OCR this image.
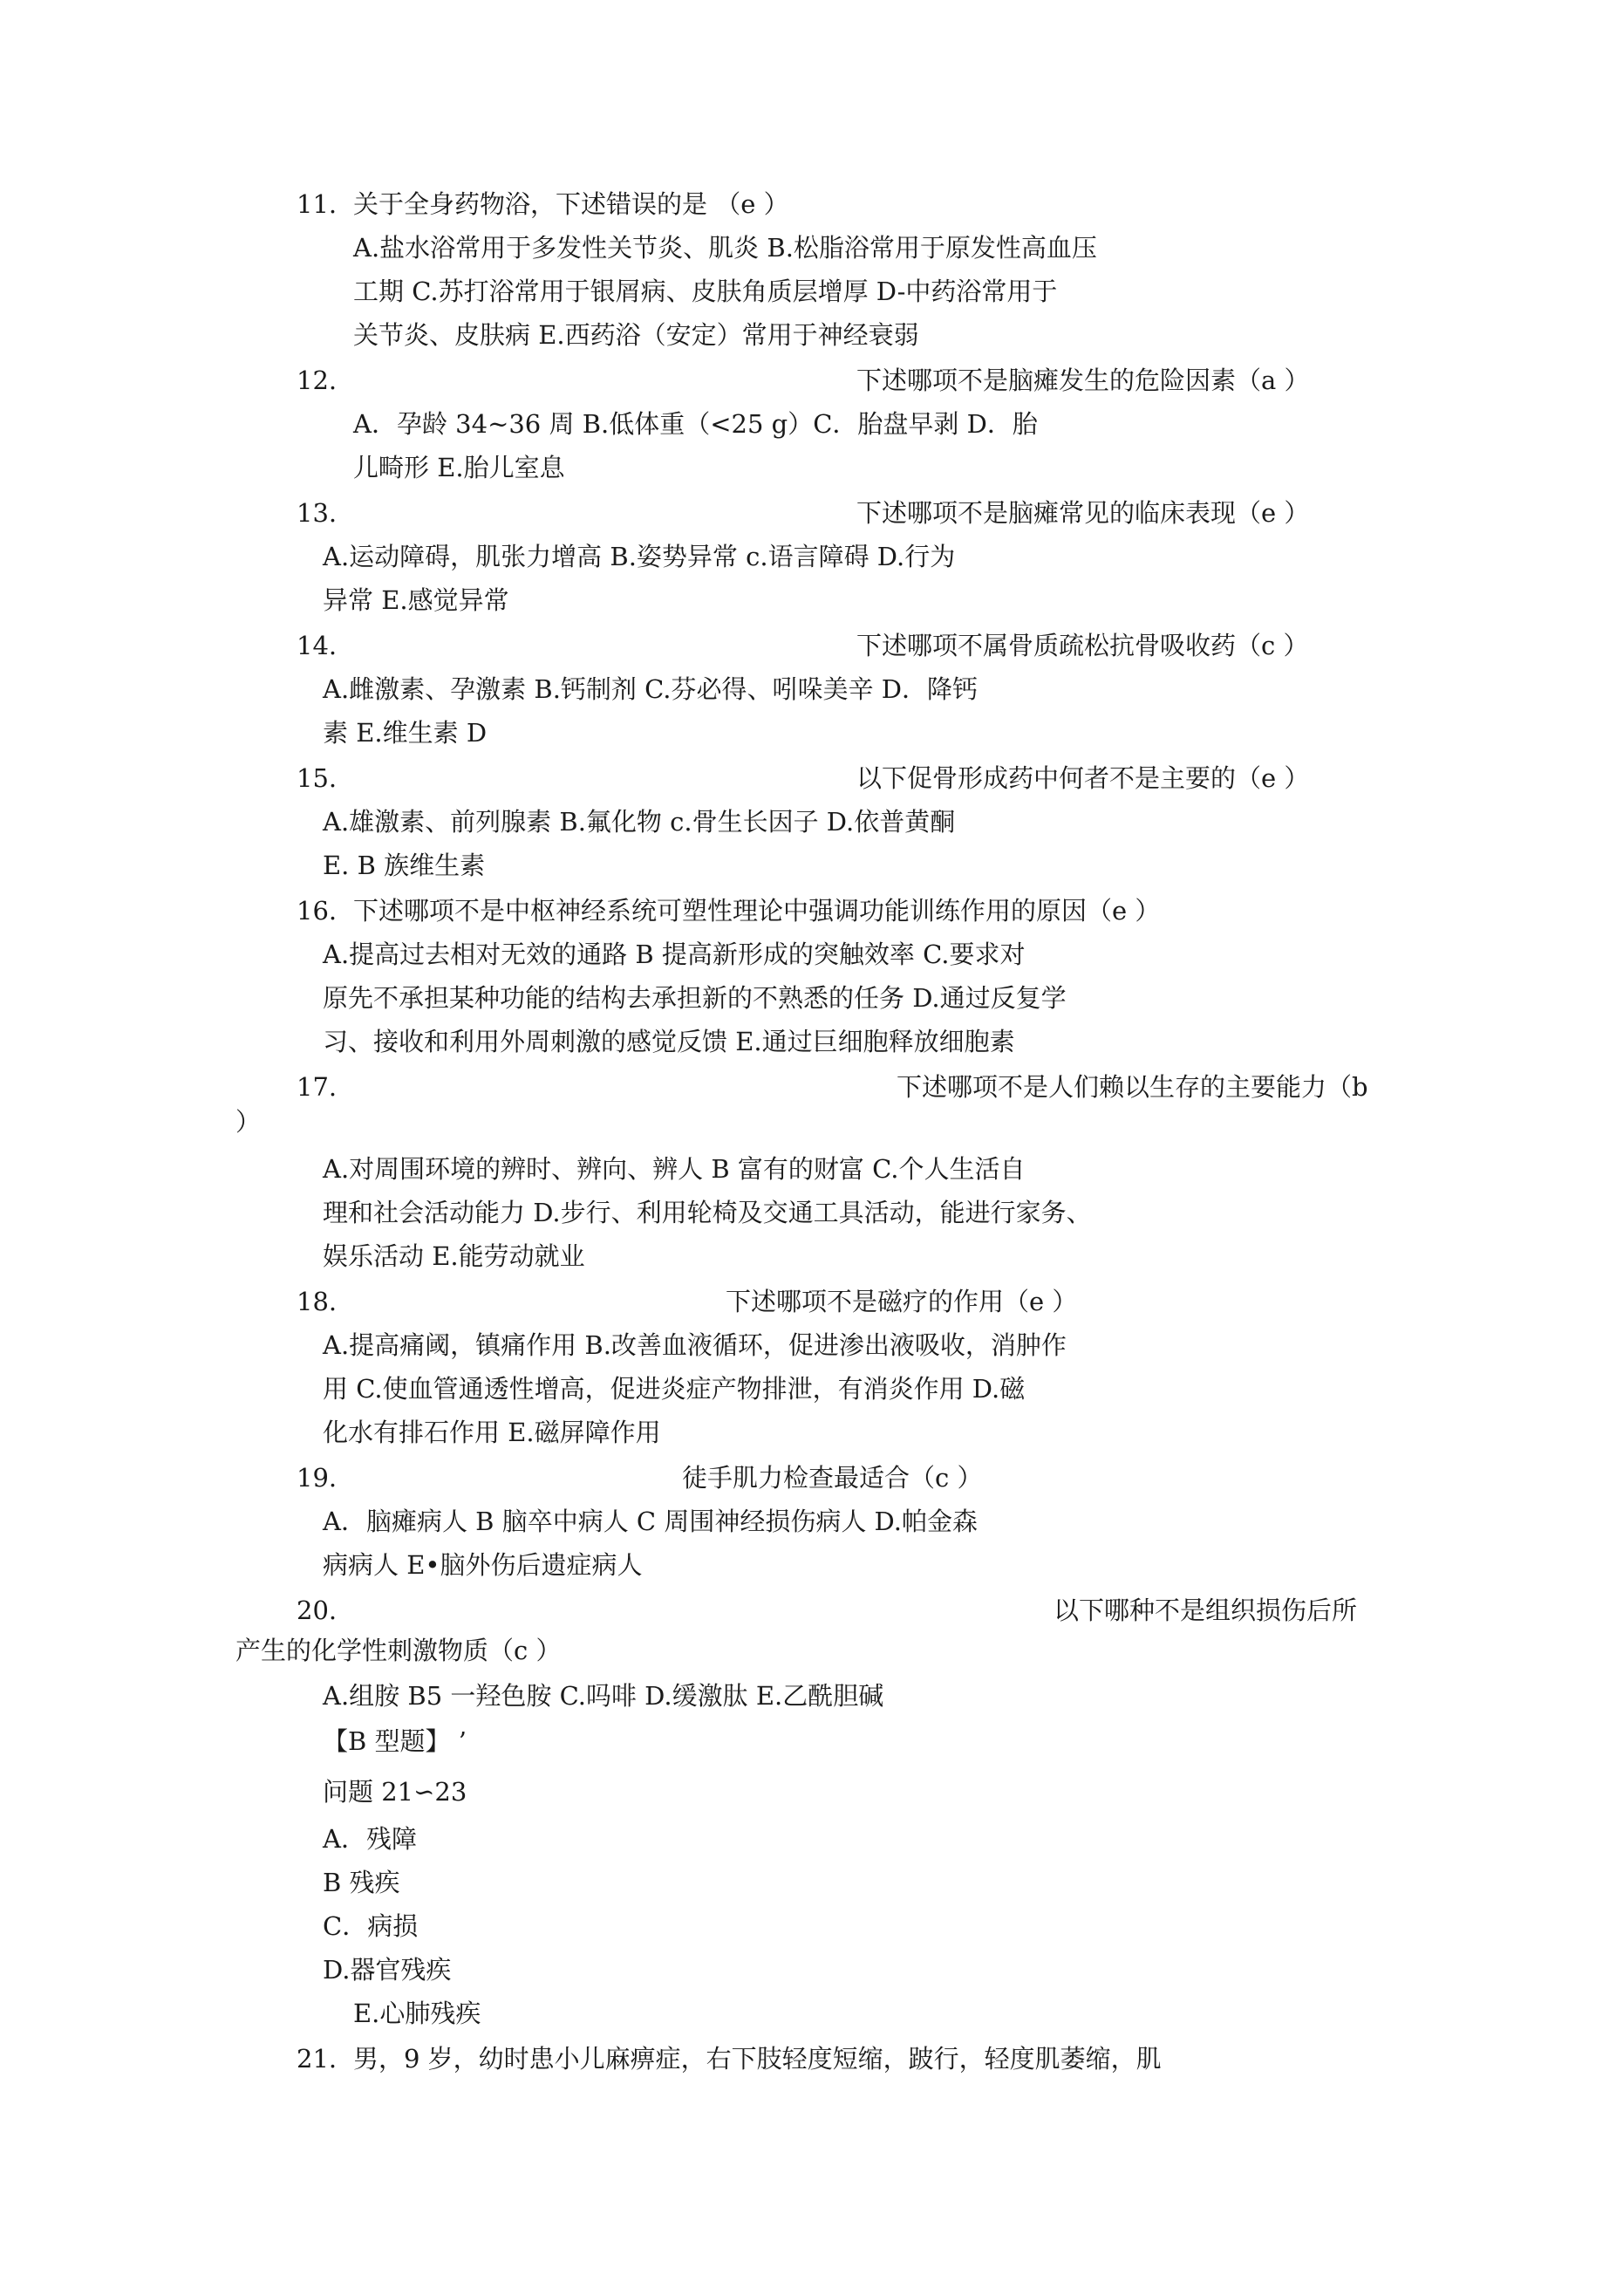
11. 关于全身药物浴，下述错误的是 （e ）
A.盐水浴常用于多发性关节炎、肌炎 B.松脂浴常用于原发性高血压
工期 C.苏打浴常用于银屑病、皮肤角质层增厚 D-中药浴常用于
关节炎、皮肤病 E.西药浴（安定）常用于神经衰弱
12.	下述哪项不是脑瘫发生的危险因素（a ）
A．孕龄 34~36 周 B.低体重（<25 g）C．胎盘早剥 D．胎
儿畸形 E.胎儿室息
13.	下述哪项不是脑瘫常见的临床表现（e ）
A.运动障碍，肌张力增高 B.姿势异常 c.语言障碍 D.行为
异常 E.感觉异常
14.	下述哪项不属骨质疏松抗骨吸收药（c ）
A.雌激素、孕激素 B.钙制剂 C.芬必得、吲哚美辛 D．降钙
素 E.维生素 D
15.	以下促骨形成药中何者不是主要的（e ）
A.雄激素、前列腺素 B.氟化物 c.骨生长因子 D.依普黄酮
E. B 族维生素
16. 下述哪项不是中枢神经系统可塑性理论中强调功能训练作用的原因（e ）
A.提高过去相对无效的通路 B 提高新形成的突触效率 C.要求对
原先不承担某种功能的结构去承担新的不熟悉的任务 D.通过反复学
习、接收和利用外周刺激的感觉反馈 E.通过巨细胞释放细胞素
17.	下述哪项不是人们赖以生存的主要能力（b
）
A.对周围环境的辨时、辨向、辨人 B 富有的财富 C.个人生活自
理和社会活动能力 D.步行、利用轮椅及交通工具活动，能进行家务、
娱乐活动 E.能劳动就业
18.	下述哪项不是磁疗的作用（e ）
A.提高痛阈，镇痛作用 B.改善血液循环，促进渗出液吸收，消肿作
用 C.使血管通透性增高，促进炎症产物排泄，有消炎作用 D.磁
化水有排石作用 E.磁屏障作用
19.	徒手肌力检查最适合（c ）
A．脑瘫病人 B 脑卒中病人 C 周围神经损伤病人 D.帕金森
病病人 E•脑外伤后遗症病人
20.	以下哪种不是组织损伤后所
产生的化学性刺激物质（c ）
A.组胺 B5 一羟色胺 C.吗啡 D.缓激肽 E.乙酰胆碱
【B 型题】 ’
问题 21∽23
A．残障
B 残疾
C．病损
D.器官残疾
E.心肺残疾
21. 男，9 岁，幼时患小儿麻痹症，右下肢轻度短缩，跛行，轻度肌萎缩，肌
